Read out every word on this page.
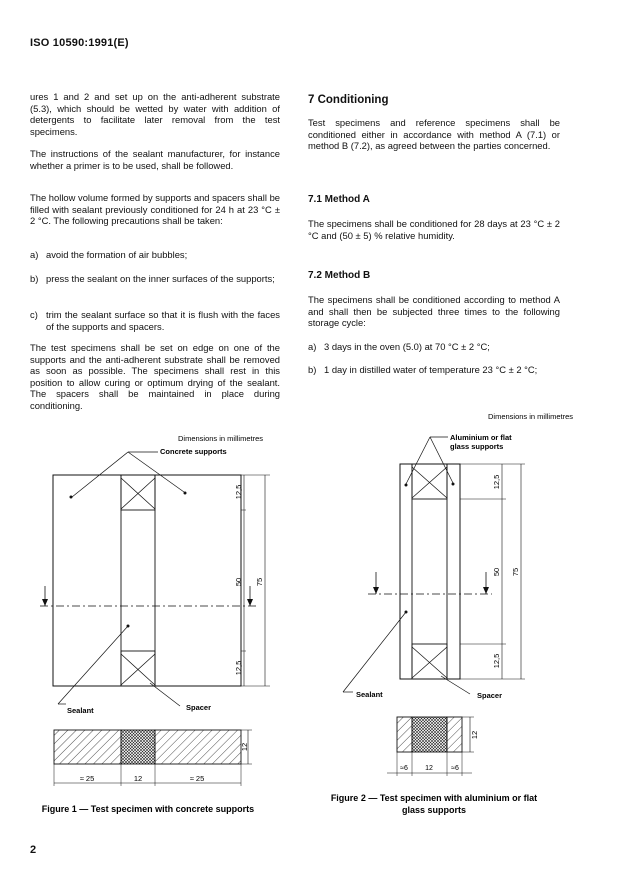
ISO 10590:1991(E)
ures 1 and 2 and set up on the anti-adherent substrate (5.3), which should be wetted by water with addition of detergents to facilitate later removal from the test specimens.
The instructions of the sealant manufacturer, for instance whether a primer is to be used, shall be followed.
The hollow volume formed by supports and spacers shall be filled with sealant previously conditioned for 24 h at 23 °C ± 2 °C. The following precautions shall be taken:
a) avoid the formation of air bubbles;
b) press the sealant on the inner surfaces of the supports;
c) trim the sealant surface so that it is flush with the faces of the supports and spacers.
The test specimens shall be set on edge on one of the supports and the anti-adherent substrate shall be removed as soon as possible. The specimens shall rest in this position to allow curing or optimum drying of the sealant. The spacers shall be maintained in place during conditioning.
7 Conditioning
Test specimens and reference specimens shall be conditioned either in accordance with method A (7.1) or method B (7.2), as agreed between the parties concerned.
7.1 Method A
The specimens shall be conditioned for 28 days at 23 °C ± 2 °C and (50 ± 5) % relative humidity.
7.2 Method B
The specimens shall be conditioned according to method A and shall then be subjected three times to the following storage cycle:
a) 3 days in the oven (5.0) at 70 °C ± 2 °C;
b) 1 day in distilled water of temperature 23 °C ± 2 °C;
Dimensions in millimetres
Concrete supports
12,5
50 75
12,5
Sealant	Spacer
12
≈ 25	12	≈ 25
Figure 1 — Test specimen with concrete supports
Dimensions in millimetres
Aluminium or flat
glass supports
12,5
50 75
12,5
Sealant	Spacer
12
≈6 12	≈6
Figure 2 — Test specimen with aluminium or flat
glass supports
2
